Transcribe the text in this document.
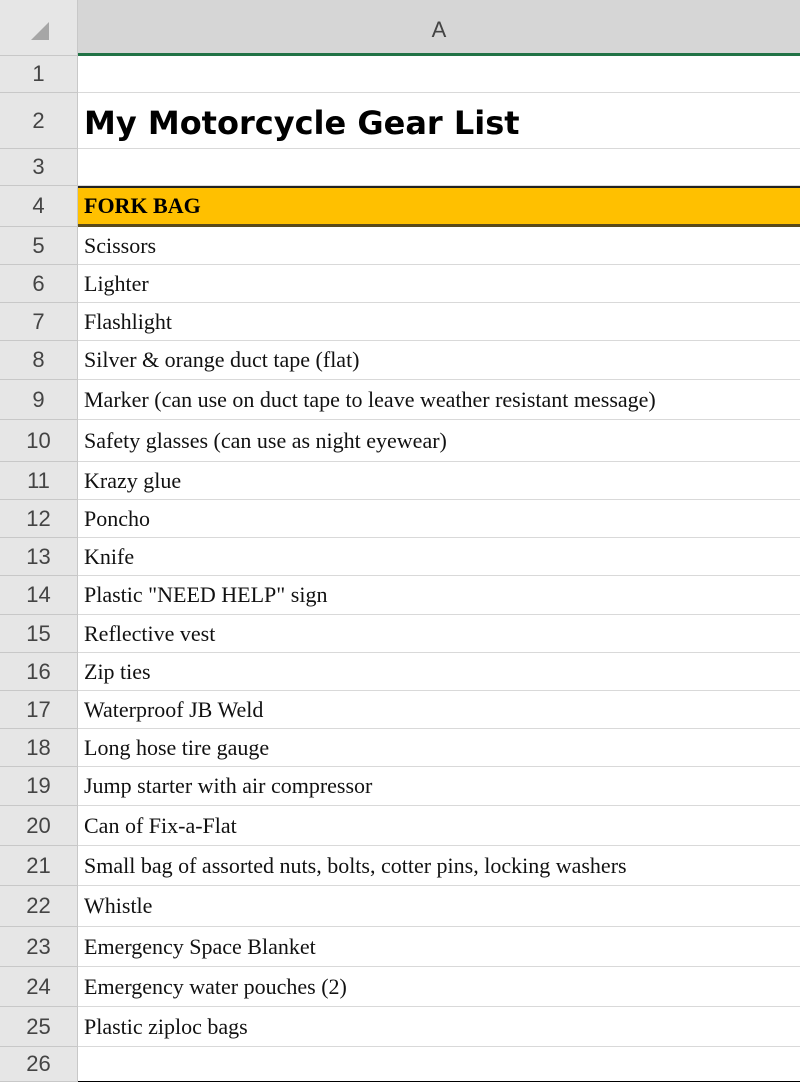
A
1
2	My Motorcycle Gear List
3
4	FORK BAG
5	Scissors
6	Lighter
7	Flashlight
8	Silver & orange duct tape (flat)
9	Marker (can use on duct tape to leave weather resistant message)
10	Safety glasses (can use as night eyewear)
11	Krazy glue
12	Poncho
13	Knife
14	Plastic "NEED HELP" sign
15	Reflective vest
16	Zip ties
17	Waterproof JB Weld
18	Long hose tire gauge
19	Jump starter with air compressor
20	Can of Fix-a-Flat
21	Small bag of assorted nuts, bolts, cotter pins, locking washers
22	Whistle
23	Emergency Space Blanket
24	Emergency water pouches (2)
25	Plastic ziploc bags
26
